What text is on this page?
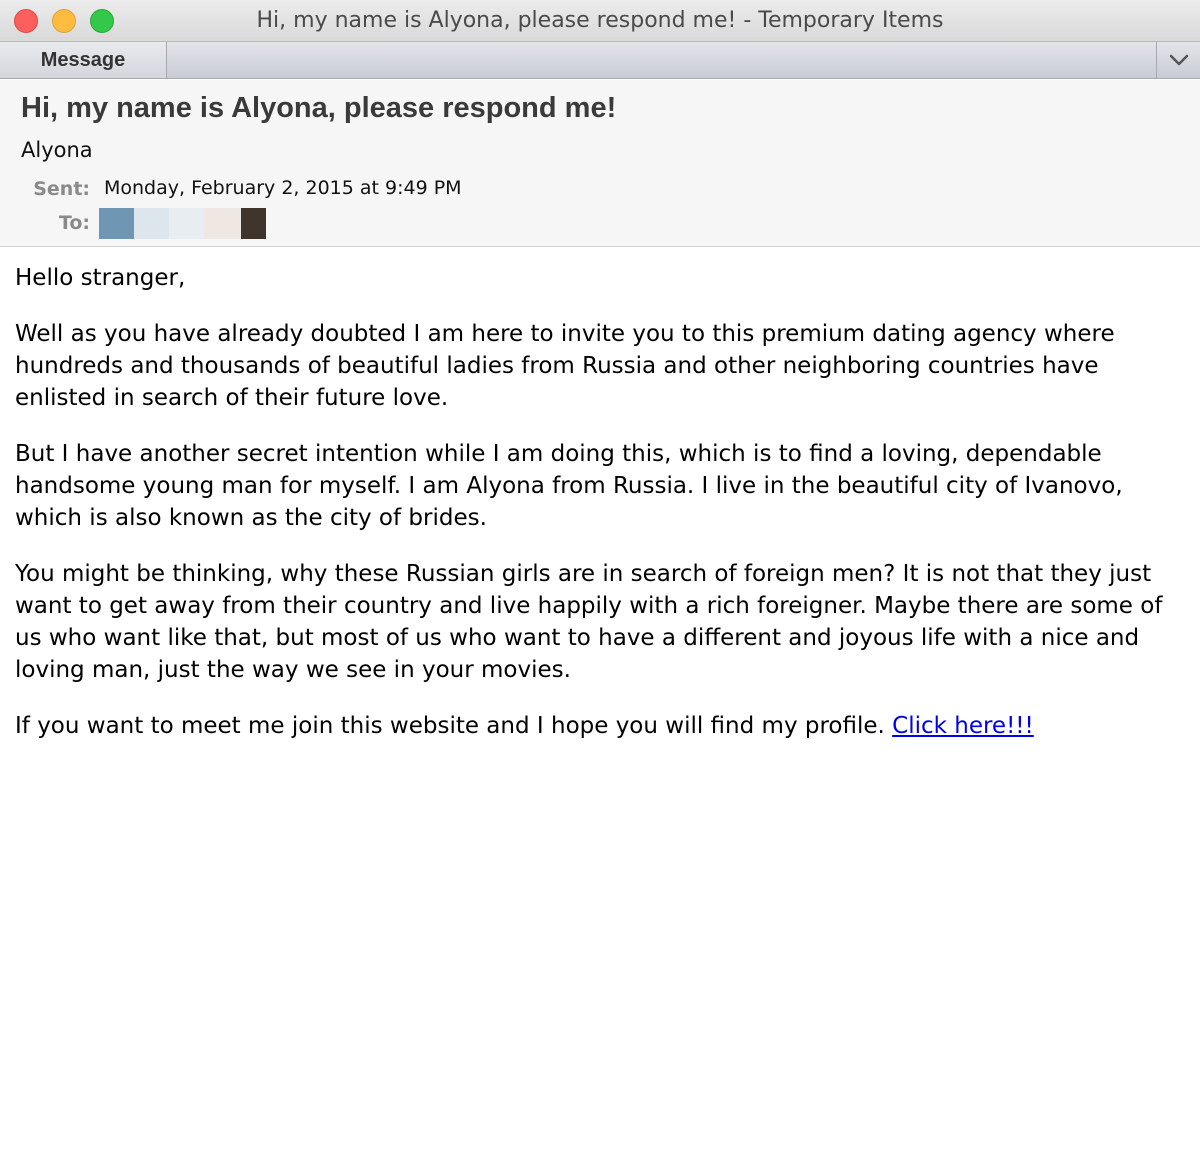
Hi, my name is Alyona, please respond me! - Temporary Items
Message
Hi, my name is Alyona, please respond me!
Alyona
Sent: Monday, February 2, 2015 at 9:49 PM
To:

Hello stranger,

Well as you have already doubted I am here to invite you to this premium dating agency where hundreds and thousands of beautiful ladies from Russia and other neighboring countries have enlisted in search of their future love.

But I have another secret intention while I am doing this, which is to find a loving, dependable handsome young man for myself. I am Alyona from Russia. I live in the beautiful city of Ivanovo, which is also known as the city of brides.

You might be thinking, why these Russian girls are in search of foreign men? It is not that they just want to get away from their country and live happily with a rich foreigner. Maybe there are some of us who want like that, but most of us who want to have a different and joyous life with a nice and loving man, just the way we see in your movies.

If you want to meet me join this website and I hope you will find my profile. Click here!!!
